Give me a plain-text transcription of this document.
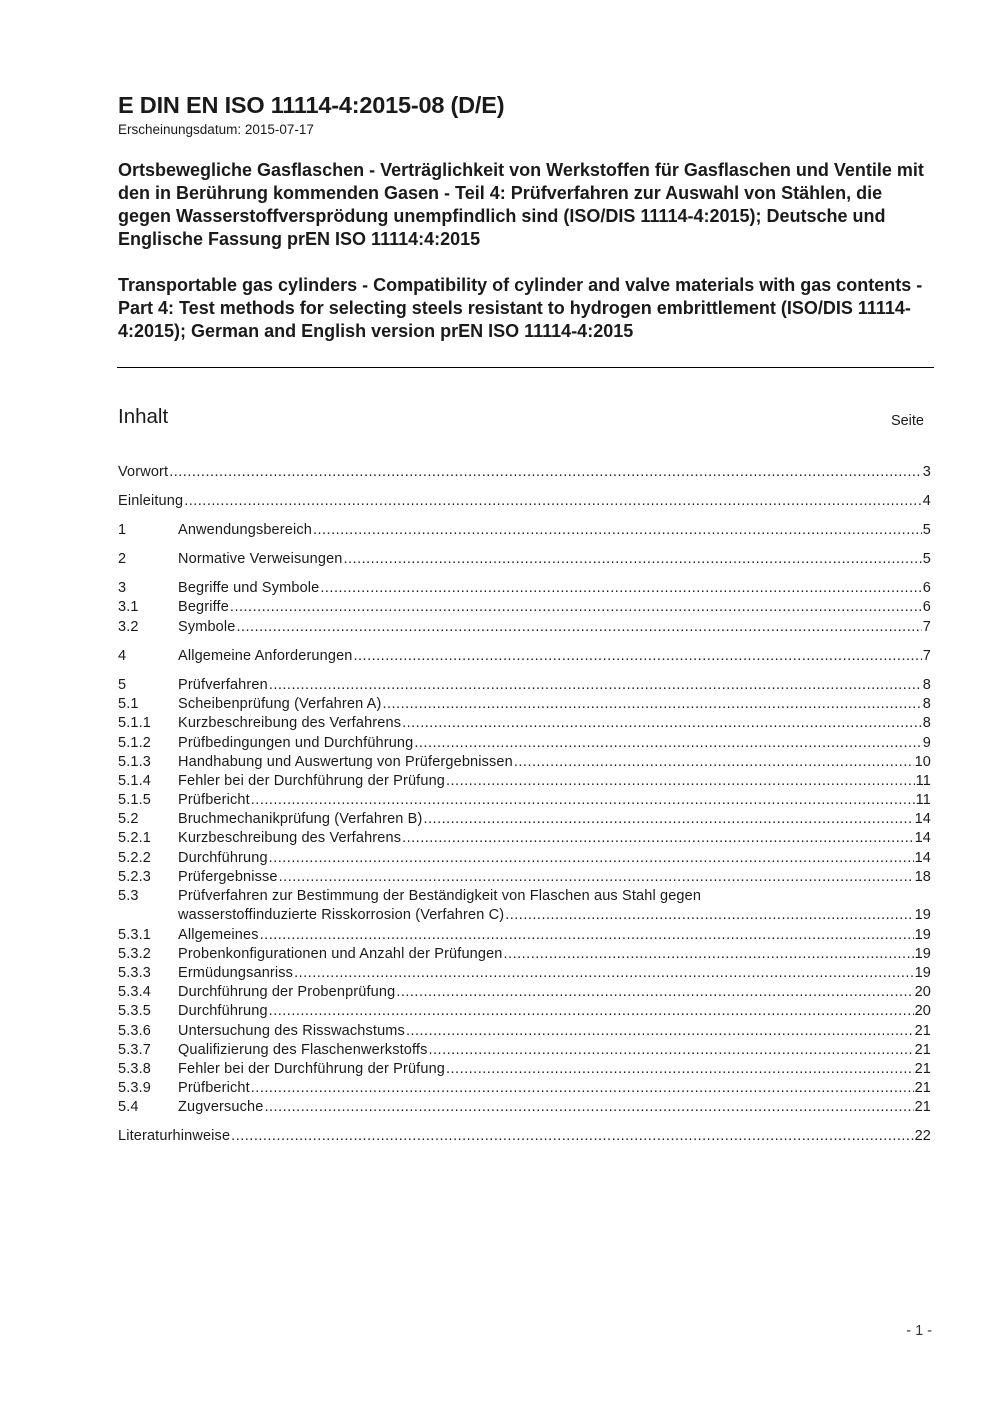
E DIN EN ISO 11114-4:2015-08 (D/E)
Erscheinungsdatum: 2015-07-17

Ortsbewegliche Gasflaschen - Verträglichkeit von Werkstoffen für Gasflaschen und Ventile mit den in Berührung kommenden Gasen - Teil 4: Prüfverfahren zur Auswahl von Stählen, die gegen Wasserstoffversprödung unempfindlich sind (ISO/DIS 11114-4:2015); Deutsche und Englische Fassung prEN ISO 11114:4:2015

Transportable gas cylinders - Compatibility of cylinder and valve materials with gas contents - Part 4: Test methods for selecting steels resistant to hydrogen embrittlement (ISO/DIS 11114-4:2015); German and English version prEN ISO 11114-4:2015

Inhalt	Seite
Vorwort .....	3
Einleitung .....	4
1	Anwendungsbereich .....	5
2	Normative Verweisungen .....	5
3	Begriffe und Symbole .....	6
3.1	Begriffe .....	6
3.2	Symbole .....	7
4	Allgemeine Anforderungen .....	7
5	Prüfverfahren .....	8
5.1	Scheibenprüfung (Verfahren A) .....	8
5.1.1	Kurzbeschreibung des Verfahrens .....	8
5.1.2	Prüfbedingungen und Durchführung .....	9
5.1.3	Handhabung und Auswertung von Prüfergebnissen .....	10
5.1.4	Fehler bei der Durchführung der Prüfung .....	11
5.1.5	Prüfbericht .....	11
5.2	Bruchmechanikprüfung (Verfahren B) .....	14
5.2.1	Kurzbeschreibung des Verfahrens .....	14
5.2.2	Durchführung .....	14
5.2.3	Prüfergebnisse .....	18
5.3	Prüfverfahren zur Bestimmung der Beständigkeit von Flaschen aus Stahl gegen
wasserstoffinduzierte Risskorrosion (Verfahren C) .....	19
5.3.1	Allgemeines .....	19
5.3.2	Probenkonfigurationen und Anzahl der Prüfungen .....	19
5.3.3	Ermüdungsanriss .....	19
5.3.4	Durchführung der Probenprüfung .....	20
5.3.5	Durchführung .....	20
5.3.6	Untersuchung des Risswachstums .....	21
5.3.7	Qualifizierung des Flaschenwerkstoffs .....	21
5.3.8	Fehler bei der Durchführung der Prüfung .....	21
5.3.9	Prüfbericht .....	21
5.4	Zugversuche .....	21
Literaturhinweise .....	22
- 1 -
